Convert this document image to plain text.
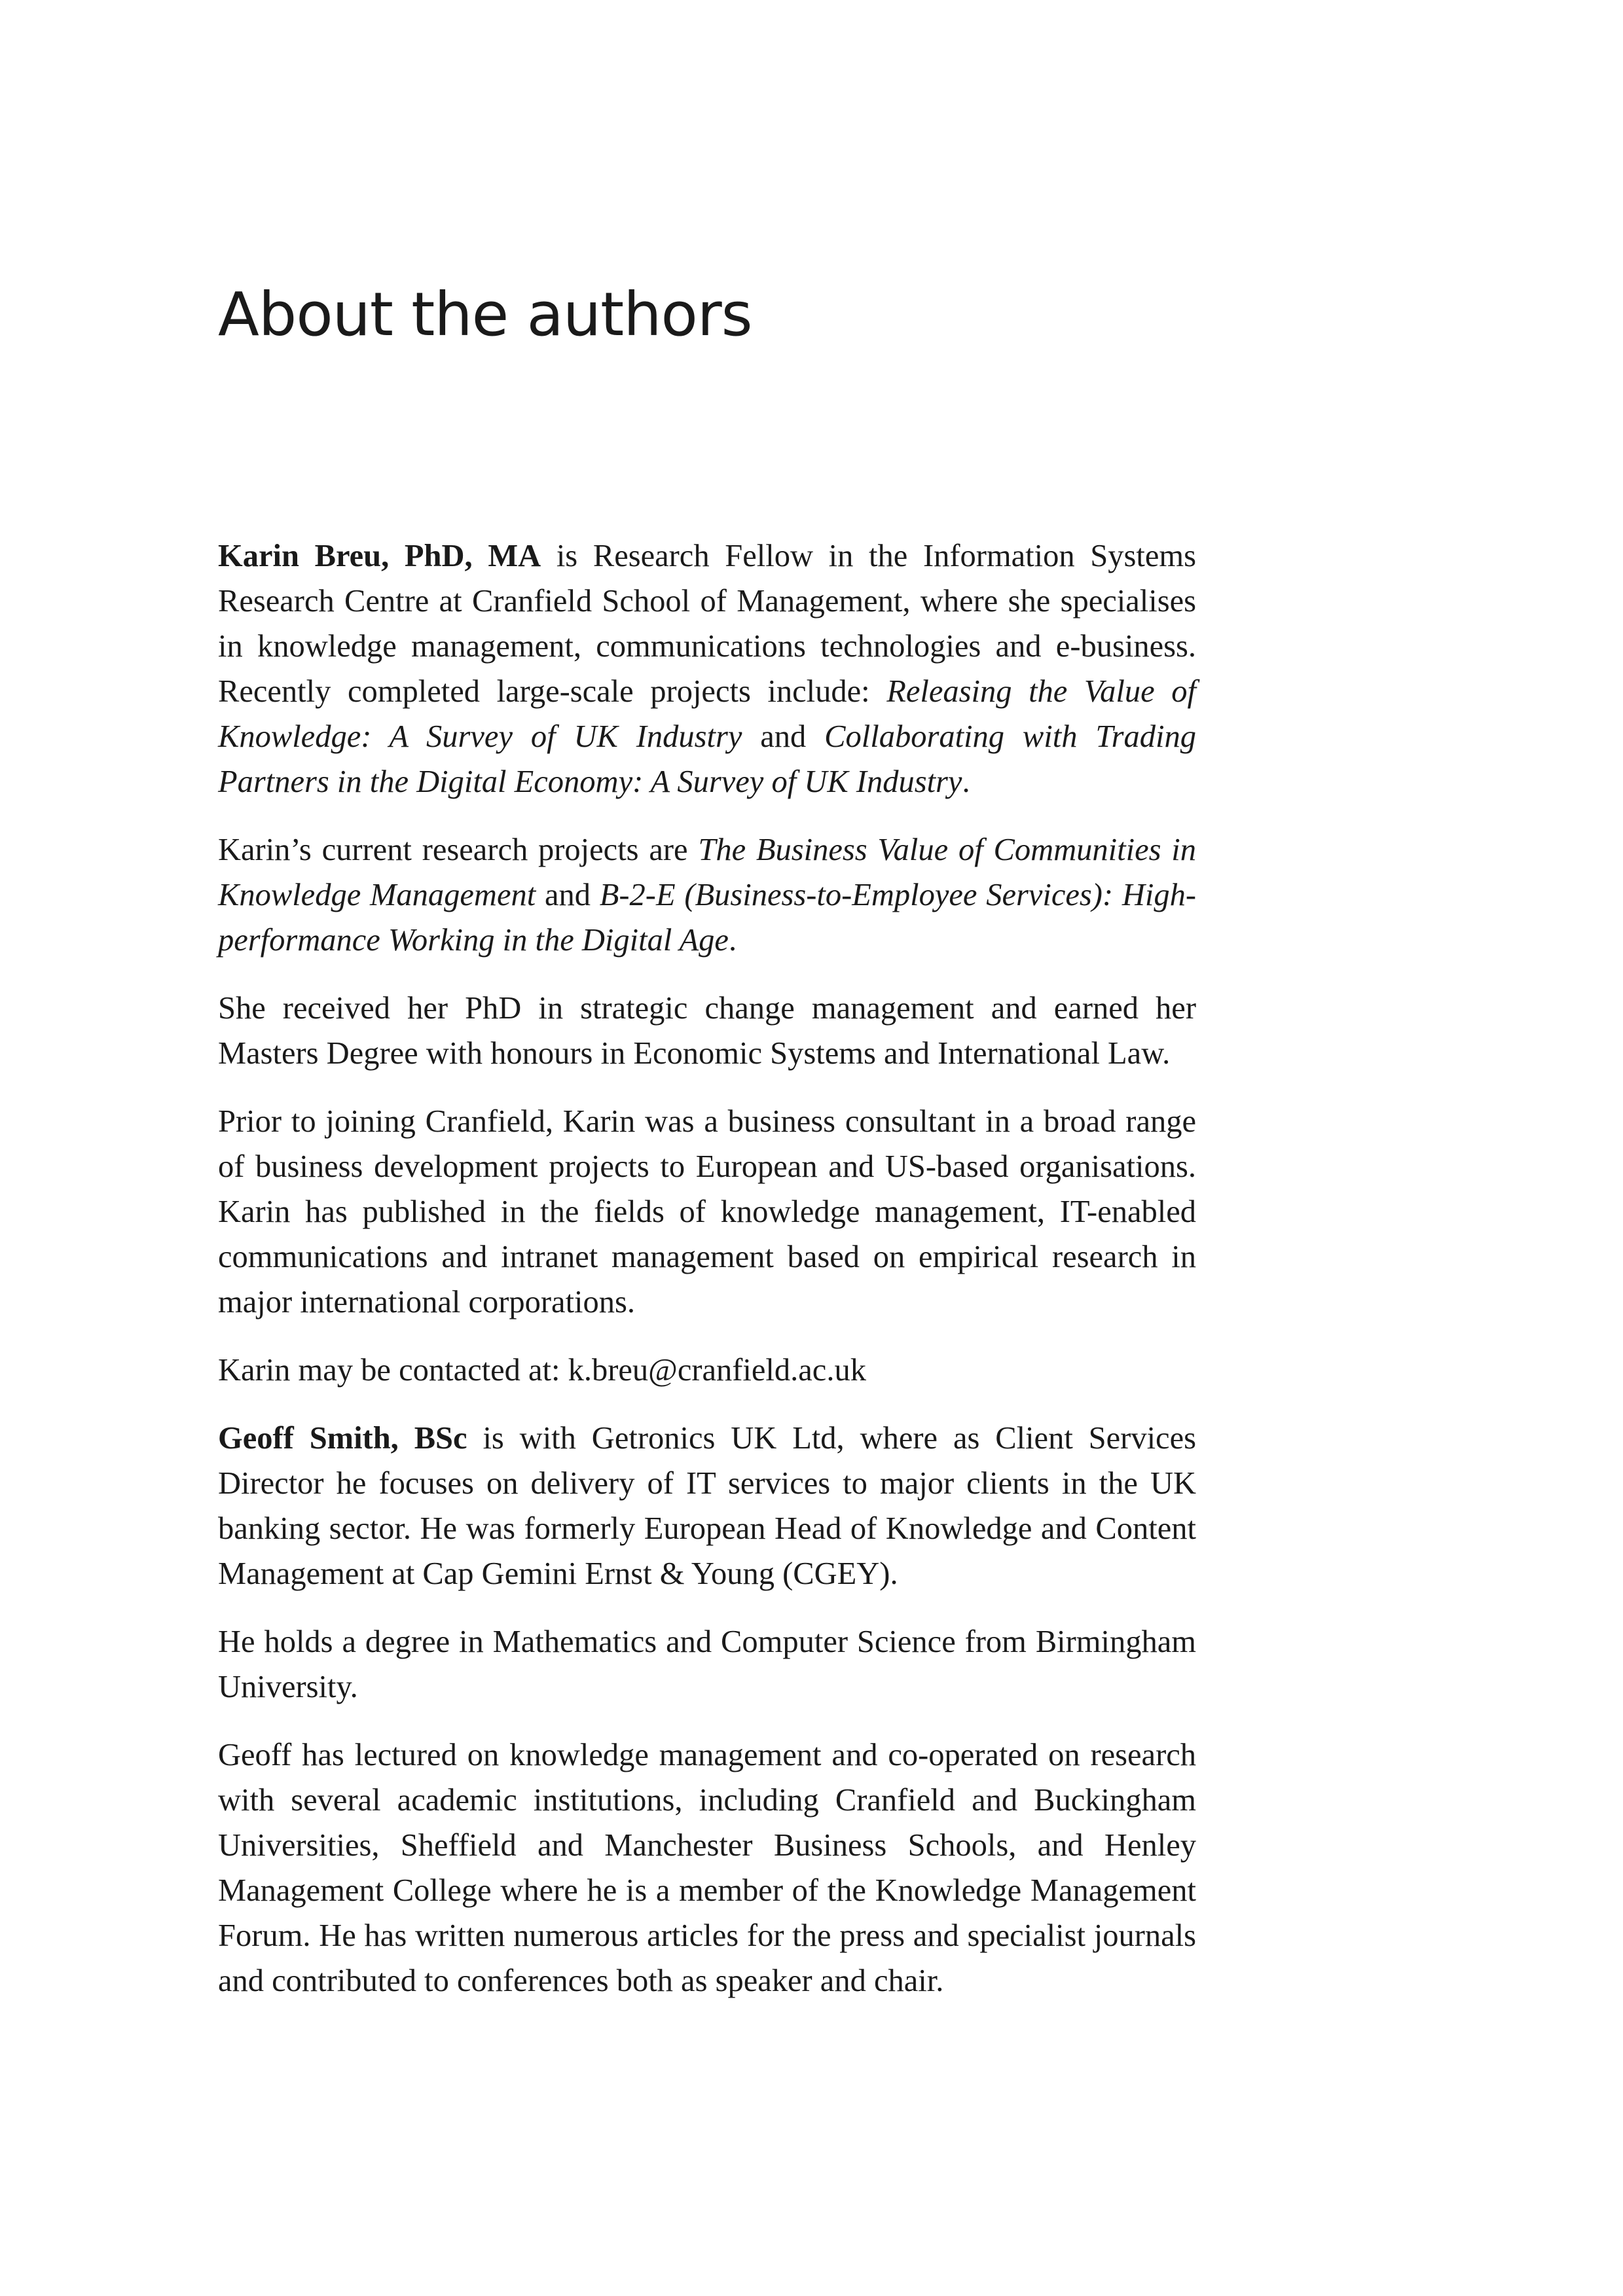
About the authors

Karin Breu, PhD, MA is Research Fellow in the Information Systems Research Centre at Cranfield School of Management, where she specialises in knowledge management, communications technologies and e-business. Recently completed large-scale projects include: Releasing the Value of Knowledge: A Survey of UK Industry and Collaborating with Trading Partners in the Digital Economy: A Survey of UK Industry.

Karin’s current research projects are The Business Value of Communities in Knowledge Management and B-2-E (Business-to-Employee Services): High-performance Working in the Digital Age.

She received her PhD in strategic change management and earned her Masters Degree with honours in Economic Systems and International Law.

Prior to joining Cranfield, Karin was a business consultant in a broad range of business development projects to European and US-based organisations. Karin has published in the fields of knowledge management, IT-enabled communications and intranet management based on empirical research in major international corporations.

Karin may be contacted at: k.breu@cranfield.ac.uk

Geoff Smith, BSc is with Getronics UK Ltd, where as Client Services Director he focuses on delivery of IT services to major clients in the UK banking sector. He was formerly European Head of Knowledge and Content Management at Cap Gemini Ernst & Young (CGEY).

He holds a degree in Mathematics and Computer Science from Birmingham University.

Geoff has lectured on knowledge management and co-operated on research with several academic institutions, including Cranfield and Buckingham Universities, Sheffield and Manchester Business Schools, and Henley Management College where he is a member of the Knowledge Management Forum. He has written numerous articles for the press and specialist journals and contributed to conferences both as speaker and chair.
